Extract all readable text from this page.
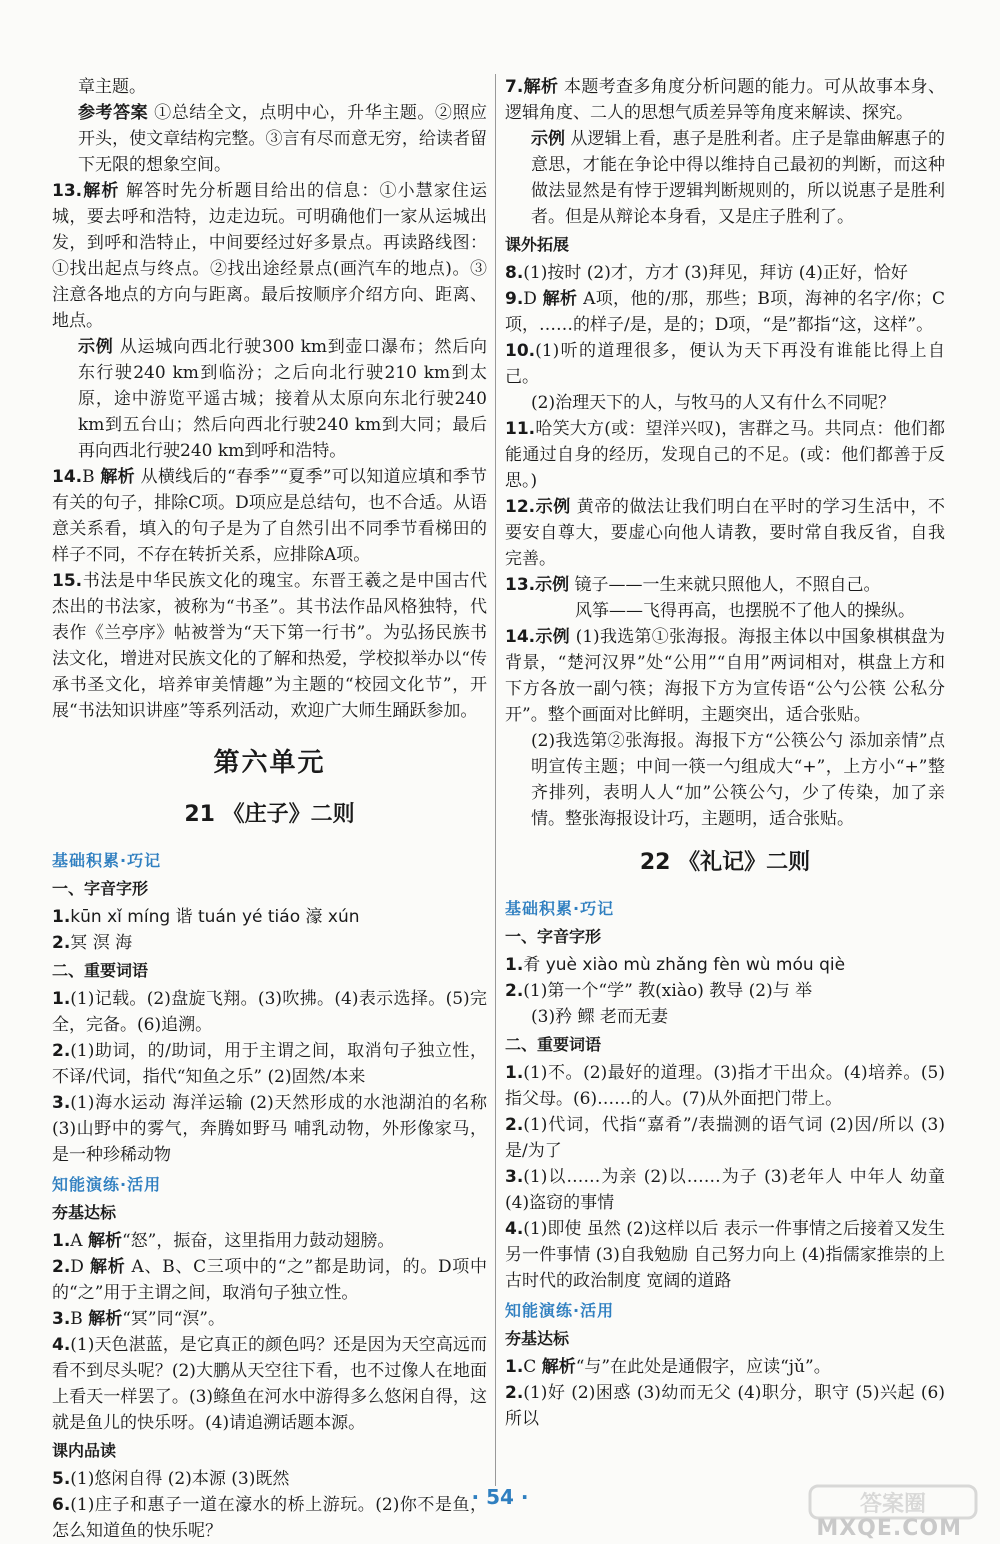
章主题。

参考答案 ①总结全文，点明中心，升华主题。②照应开头，使文章结构完整。③言有尽而意无穷，给读者留下无限的想象空间。

13.解析 解答时先分析题目给出的信息：①小慧家住运城，要去呼和浩特，边走边玩。可明确他们一家从运城出发，到呼和浩特止，中间要经过好多景点。再读路线图：①找出起点与终点。②找出途经景点(画汽车的地点)。③注意各地点的方向与距离。最后按顺序介绍方向、距离、地点。

示例 从运城向西北行驶300 km到壶口瀑布；然后向东行驶240 km到临汾；之后向北行驶210 km到太原，途中游览平遥古城；接着从太原向东北行驶240 km到五台山；然后向西北行驶240 km到大同；最后再向西北行驶240 km到呼和浩特。

14.B 解析 从横线后的“春季”“夏季”可以知道应填和季节有关的句子，排除C项。D项应是总结句，也不合适。从语意关系看，填入的句子是为了自然引出不同季节看梯田的样子不同，不存在转折关系，应排除A项。

15.书法是中华民族文化的瑰宝。东晋王羲之是中国古代杰出的书法家，被称为“书圣”。其书法作品风格独特，代表作《兰亭序》帖被誉为“天下第一行书”。为弘扬民族书法文化，增进对民族文化的了解和热爱，学校拟举办以“传承书圣文化，培养审美情趣”为主题的“校园文化节”，开展“书法知识讲座”等系列活动，欢迎广大师生踊跃参加。

第六单元
21 《庄子》二则
基础积累·巧记
一、字音字形

1.kūn xǐ míng 谐 tuán yé tiáo 濠 xún

2.冥 溟 海

二、重要词语

1.(1)记载。(2)盘旋飞翔。(3)吹拂。(4)表示选择。(5)完全，完备。(6)追溯。

2.(1)助词，的/助词，用于主谓之间，取消句子独立性，不译/代词，指代“知鱼之乐” (2)固然/本来

3.(1)海水运动 海洋运输 (2)天然形成的水池湖泊的名称 (3)山野中的雾气，奔腾如野马 哺乳动物，外形像家马，是一种珍稀动物

知能演练·活用
夯基达标

1.A 解析“怒”，振奋，这里指用力鼓动翅膀。

2.D 解析 A、B、C三项中的“之”都是助词，的。D项中的“之”用于主谓之间，取消句子独立性。

3.B 解析“冥”同“溟”。

4.(1)天色湛蓝，是它真正的颜色吗？还是因为天空高远而看不到尽头呢？(2)大鹏从天空往下看，也不过像人在地面上看天一样罢了。(3)鲦鱼在河水中游得多么悠闲自得，这就是鱼儿的快乐呀。(4)请追溯话题本源。

课内品读

5.(1)悠闲自得 (2)本源 (3)既然

6.(1)庄子和惠子一道在濠水的桥上游玩。(2)你不是鱼，怎么知道鱼的快乐呢？

7.解析 本题考查多角度分析问题的能力。可从故事本身、逻辑角度、二人的思想气质差异等角度来解读、探究。

示例 从逻辑上看，惠子是胜利者。庄子是靠曲解惠子的意思，才能在争论中得以维持自己最初的判断，而这种做法显然是有悖于逻辑判断规则的，所以说惠子是胜利者。但是从辩论本身看，又是庄子胜利了。

课外拓展

8.(1)按时 (2)才，方才 (3)拜见，拜访 (4)正好，恰好

9.D 解析 A项，他的/那，那些；B项，海神的名字/你；C项，……的样子/是，是的；D项，“是”都指“这，这样”。

10.(1)听的道理很多，便认为天下再没有谁能比得上自己。

(2)治理天下的人，与牧马的人又有什么不同呢？

11.哈笑大方(或：望洋兴叹)，害群之马。共同点：他们都能通过自身的经历，发现自己的不足。(或：他们都善于反思。)

12.示例 黄帝的做法让我们明白在平时的学习生活中，不要安自尊大，要虚心向他人请教，要时常自我反省，自我完善。

13.示例 镜子——一生来就只照他人，不照自己。

风筝——飞得再高，也摆脱不了他人的操纵。

14.示例 (1)我选第①张海报。海报主体以中国象棋棋盘为背景，“楚河汉界”处“公用”“自用”两词相对，棋盘上方和下方各放一副勺筷；海报下方为宣传语“公勺公筷 公私分开”。整个画面对比鲜明，主题突出，适合张贴。

(2)我选第②张海报。海报下方“公筷公勺 添加亲情”点明宣传主题；中间一筷一勺组成大“+”，上方小“+”整齐排列，表明人人“加”公筷公勺，少了传染，加了亲情。整张海报设计巧，主题明，适合张贴。

22 《礼记》二则
基础积累·巧记
一、字音字形

1.肴 yuè xiào mù zhǎng fèn wù móu qiè

2.(1)第一个“学” 教(xiào) 教导 (2)与 举

(3)矜 鳏 老而无妻

二、重要词语

1.(1)不。(2)最好的道理。(3)指才干出众。(4)培养。(5)指父母。(6)……的人。(7)从外面把门带上。

2.(1)代词，代指“嘉肴”/表揣测的语气词 (2)因/所以 (3)是/为了

3.(1)以……为亲 (2)以……为子 (3)老年人 中年人 幼童 (4)盗窃的事情

4.(1)即使 虽然 (2)这样以后 表示一件事情之后接着又发生另一件事情 (3)自我勉励 自己努力向上 (4)指儒家推崇的上古时代的政治制度 宽阔的道路

知能演练·活用
夯基达标

1.C 解析“与”在此处是通假字，应读“jǔ”。

2.(1)好 (2)困惑 (3)幼而无父 (4)职分，职守 (5)兴起 (6)所以

· 54 ·	答案圈
MXQE.COM
